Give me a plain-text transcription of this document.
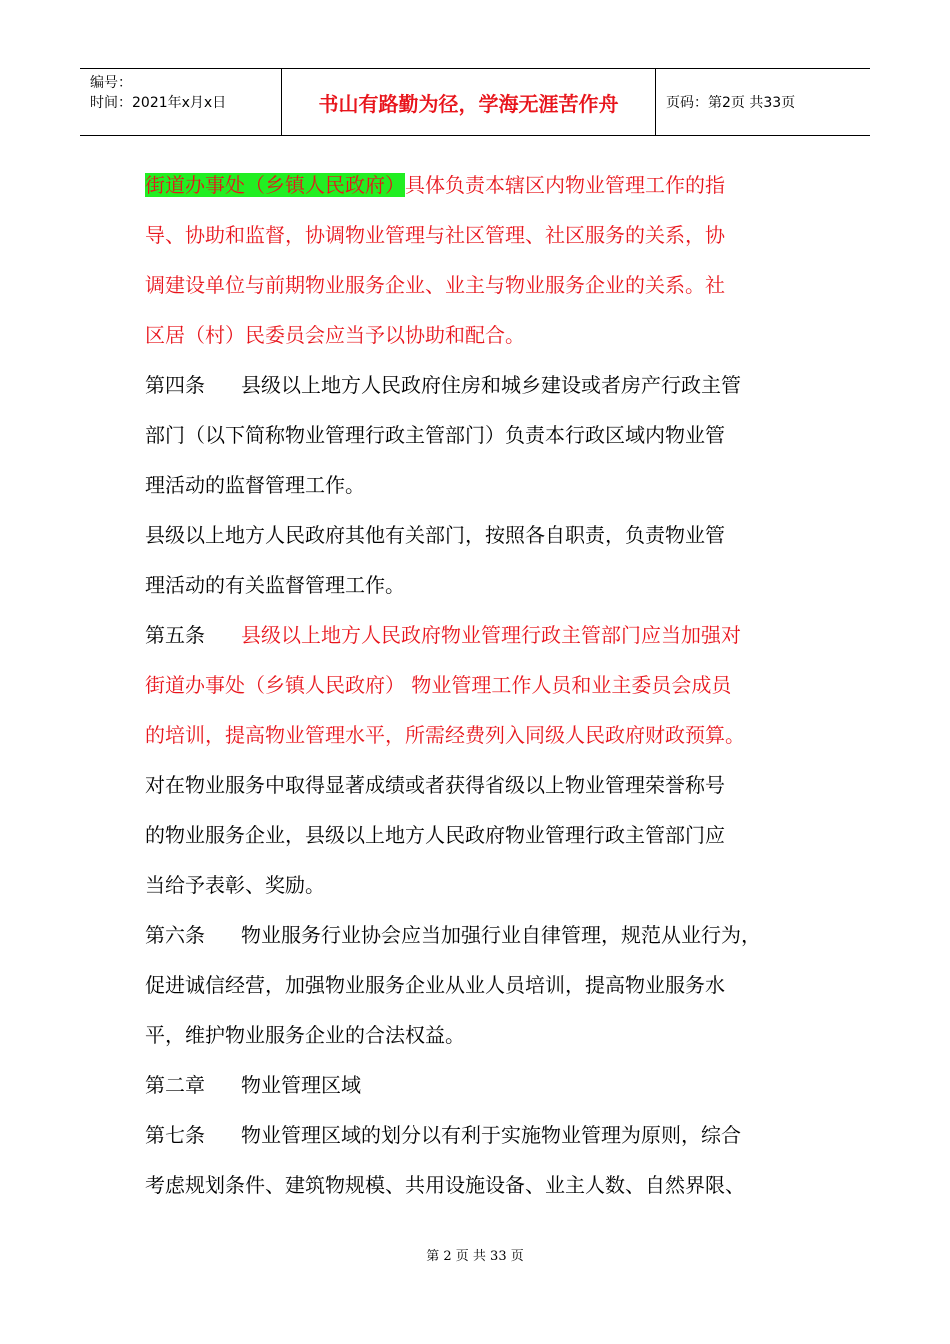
编号：
时间：2021年x月x日	书山有路勤为径，学海无涯苦作舟	页码：第2页 共33页
街道办事处（乡镇人民政府）具体负责本辖区内物业管理工作的指
导、协助和监督，协调物业管理与社区管理、社区服务的关系，协
调建设单位与前期物业服务企业、业主与物业服务企业的关系。社
区居（村）民委员会应当予以协助和配合。
第四条 县级以上地方人民政府住房和城乡建设或者房产行政主管
部门（以下简称物业管理行政主管部门）负责本行政区域内物业管
理活动的监督管理工作。
县级以上地方人民政府其他有关部门，按照各自职责，负责物业管
理活动的有关监督管理工作。
第五条 县级以上地方人民政府物业管理行政主管部门应当加强对
街道办事处（乡镇人民政府） 物业管理工作人员和业主委员会成员
的培训，提高物业管理水平，所需经费列入同级人民政府财政预算。
对在物业服务中取得显著成绩或者获得省级以上物业管理荣誉称号
的物业服务企业，县级以上地方人民政府物业管理行政主管部门应
当给予表彰、奖励。
第六条 物业服务行业协会应当加强行业自律管理，规范从业行为，
促进诚信经营，加强物业服务企业从业人员培训，提高物业服务水
平，维护物业服务企业的合法权益。
第二章 物业管理区域
第七条 物业管理区域的划分以有利于实施物业管理为原则，综合
考虑规划条件、建筑物规模、共用设施设备、业主人数、自然界限、
第 2 页 共 33 页
